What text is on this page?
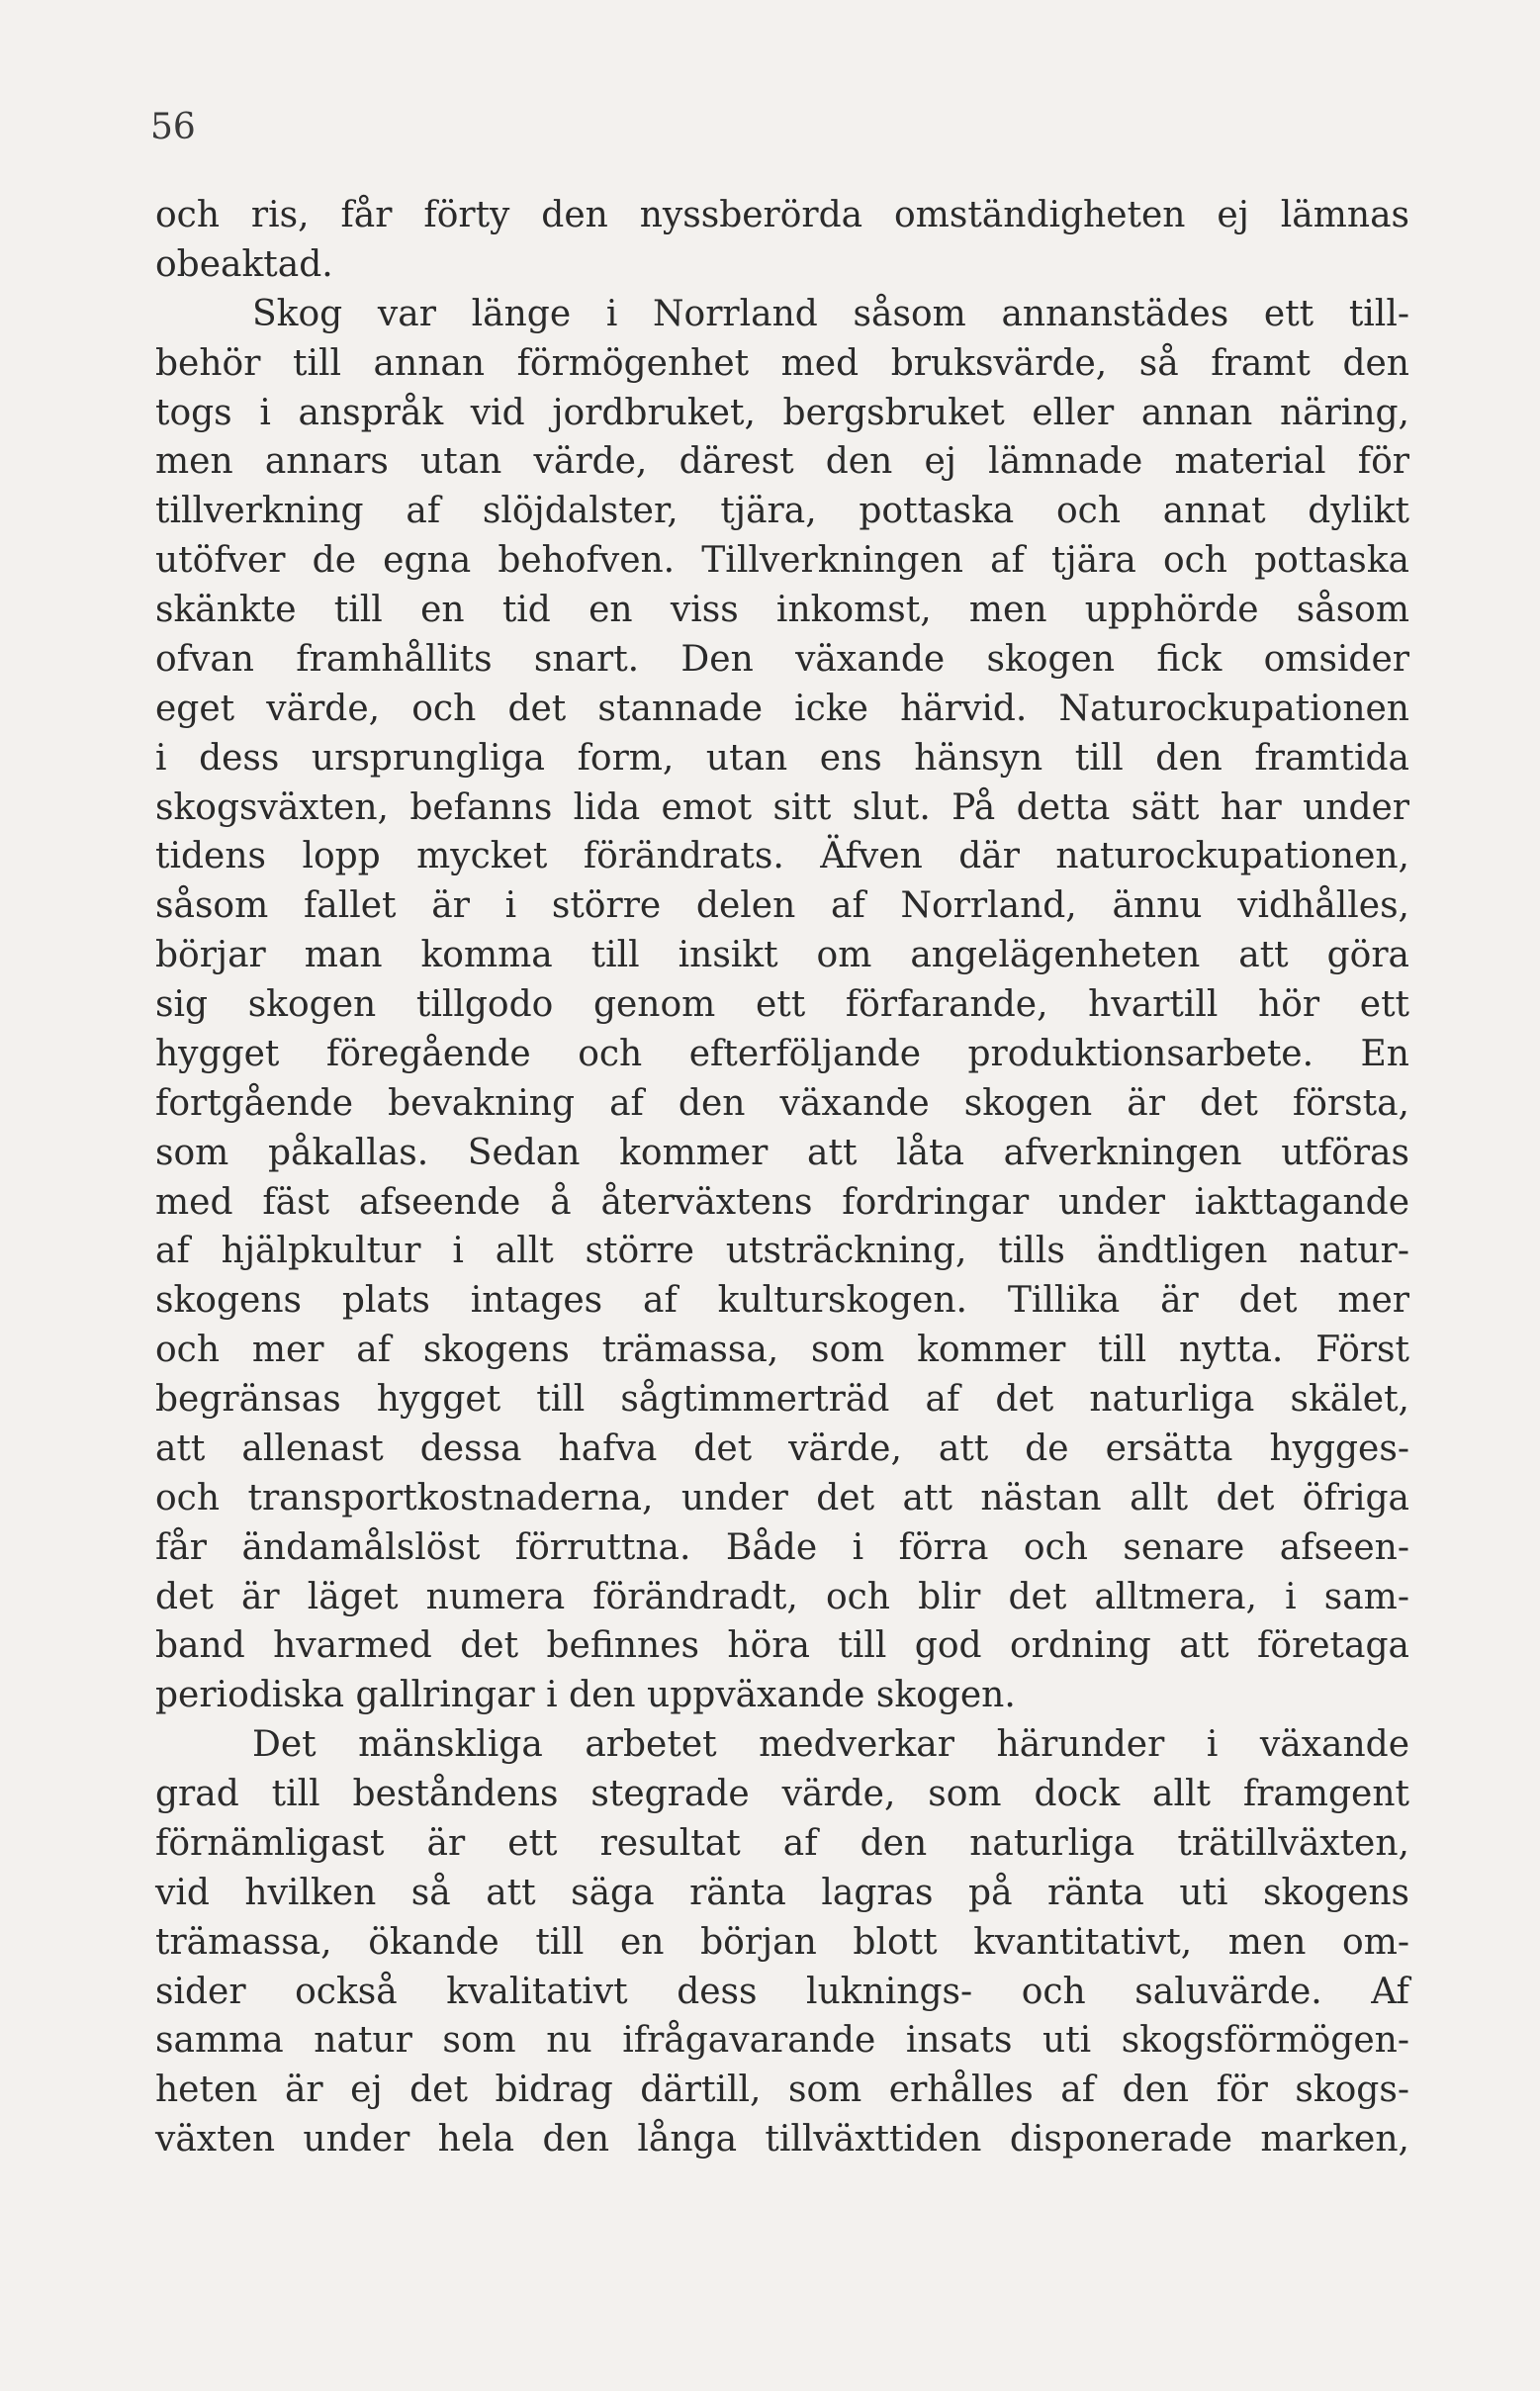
56
och ris, får förty den nyssberörda omständigheten ej lämnas
obeaktad.
Skog var länge i Norrland såsom annanstädes ett till-
behör till annan förmögenhet med bruksvärde, så framt den
togs i anspråk vid jordbruket, bergsbruket eller annan näring,
men annars utan värde, därest den ej lämnade material för
tillverkning af slöjdalster, tjära, pottaska och annat dylikt
utöfver de egna behofven. Tillverkningen af tjära och pottaska
skänkte till en tid en viss inkomst, men upphörde såsom
ofvan framhållits snart. Den växande skogen fick omsider
eget värde, och det stannade icke härvid. Naturockupationen
i dess ursprungliga form, utan ens hänsyn till den framtida
skogsväxten, befanns lida emot sitt slut. På detta sätt har under
tidens lopp mycket förändrats. Äfven där naturockupationen,
såsom fallet är i större delen af Norrland, ännu vidhålles,
börjar man komma till insikt om angelägenheten att göra
sig skogen tillgodo genom ett förfarande, hvartill hör ett
hygget föregående och efterföljande produktionsarbete. En
fortgående bevakning af den växande skogen är det första,
som påkallas. Sedan kommer att låta afverkningen utföras
med fäst afseende å återväxtens fordringar under iakttagande
af hjälpkultur i allt större utsträckning, tills ändtligen natur-
skogens plats intages af kulturskogen. Tillika är det mer
och mer af skogens trämassa, som kommer till nytta. Först
begränsas hygget till sågtimmerträd af det naturliga skälet,
att allenast dessa hafva det värde, att de ersätta hygges-
och transportkostnaderna, under det att nästan allt det öfriga
får ändamålslöst förruttna. Både i förra och senare afseen-
det är läget numera förändradt, och blir det alltmera, i sam-
band hvarmed det befinnes höra till god ordning att företaga
periodiska gallringar i den uppväxande skogen.
Det mänskliga arbetet medverkar härunder i växande
grad till beståndens stegrade värde, som dock allt framgent
förnämligast är ett resultat af den naturliga trätillväxten,
vid hvilken så att säga ränta lagras på ränta uti skogens
trämassa, ökande till en början blott kvantitativt, men om-
sider också kvalitativt dess luknings- och saluvärde. Af
samma natur som nu ifrågavarande insats uti skogsförmögen-
heten är ej det bidrag därtill, som erhålles af den för skogs-
växten under hela den långa tillväxttiden disponerade marken,
